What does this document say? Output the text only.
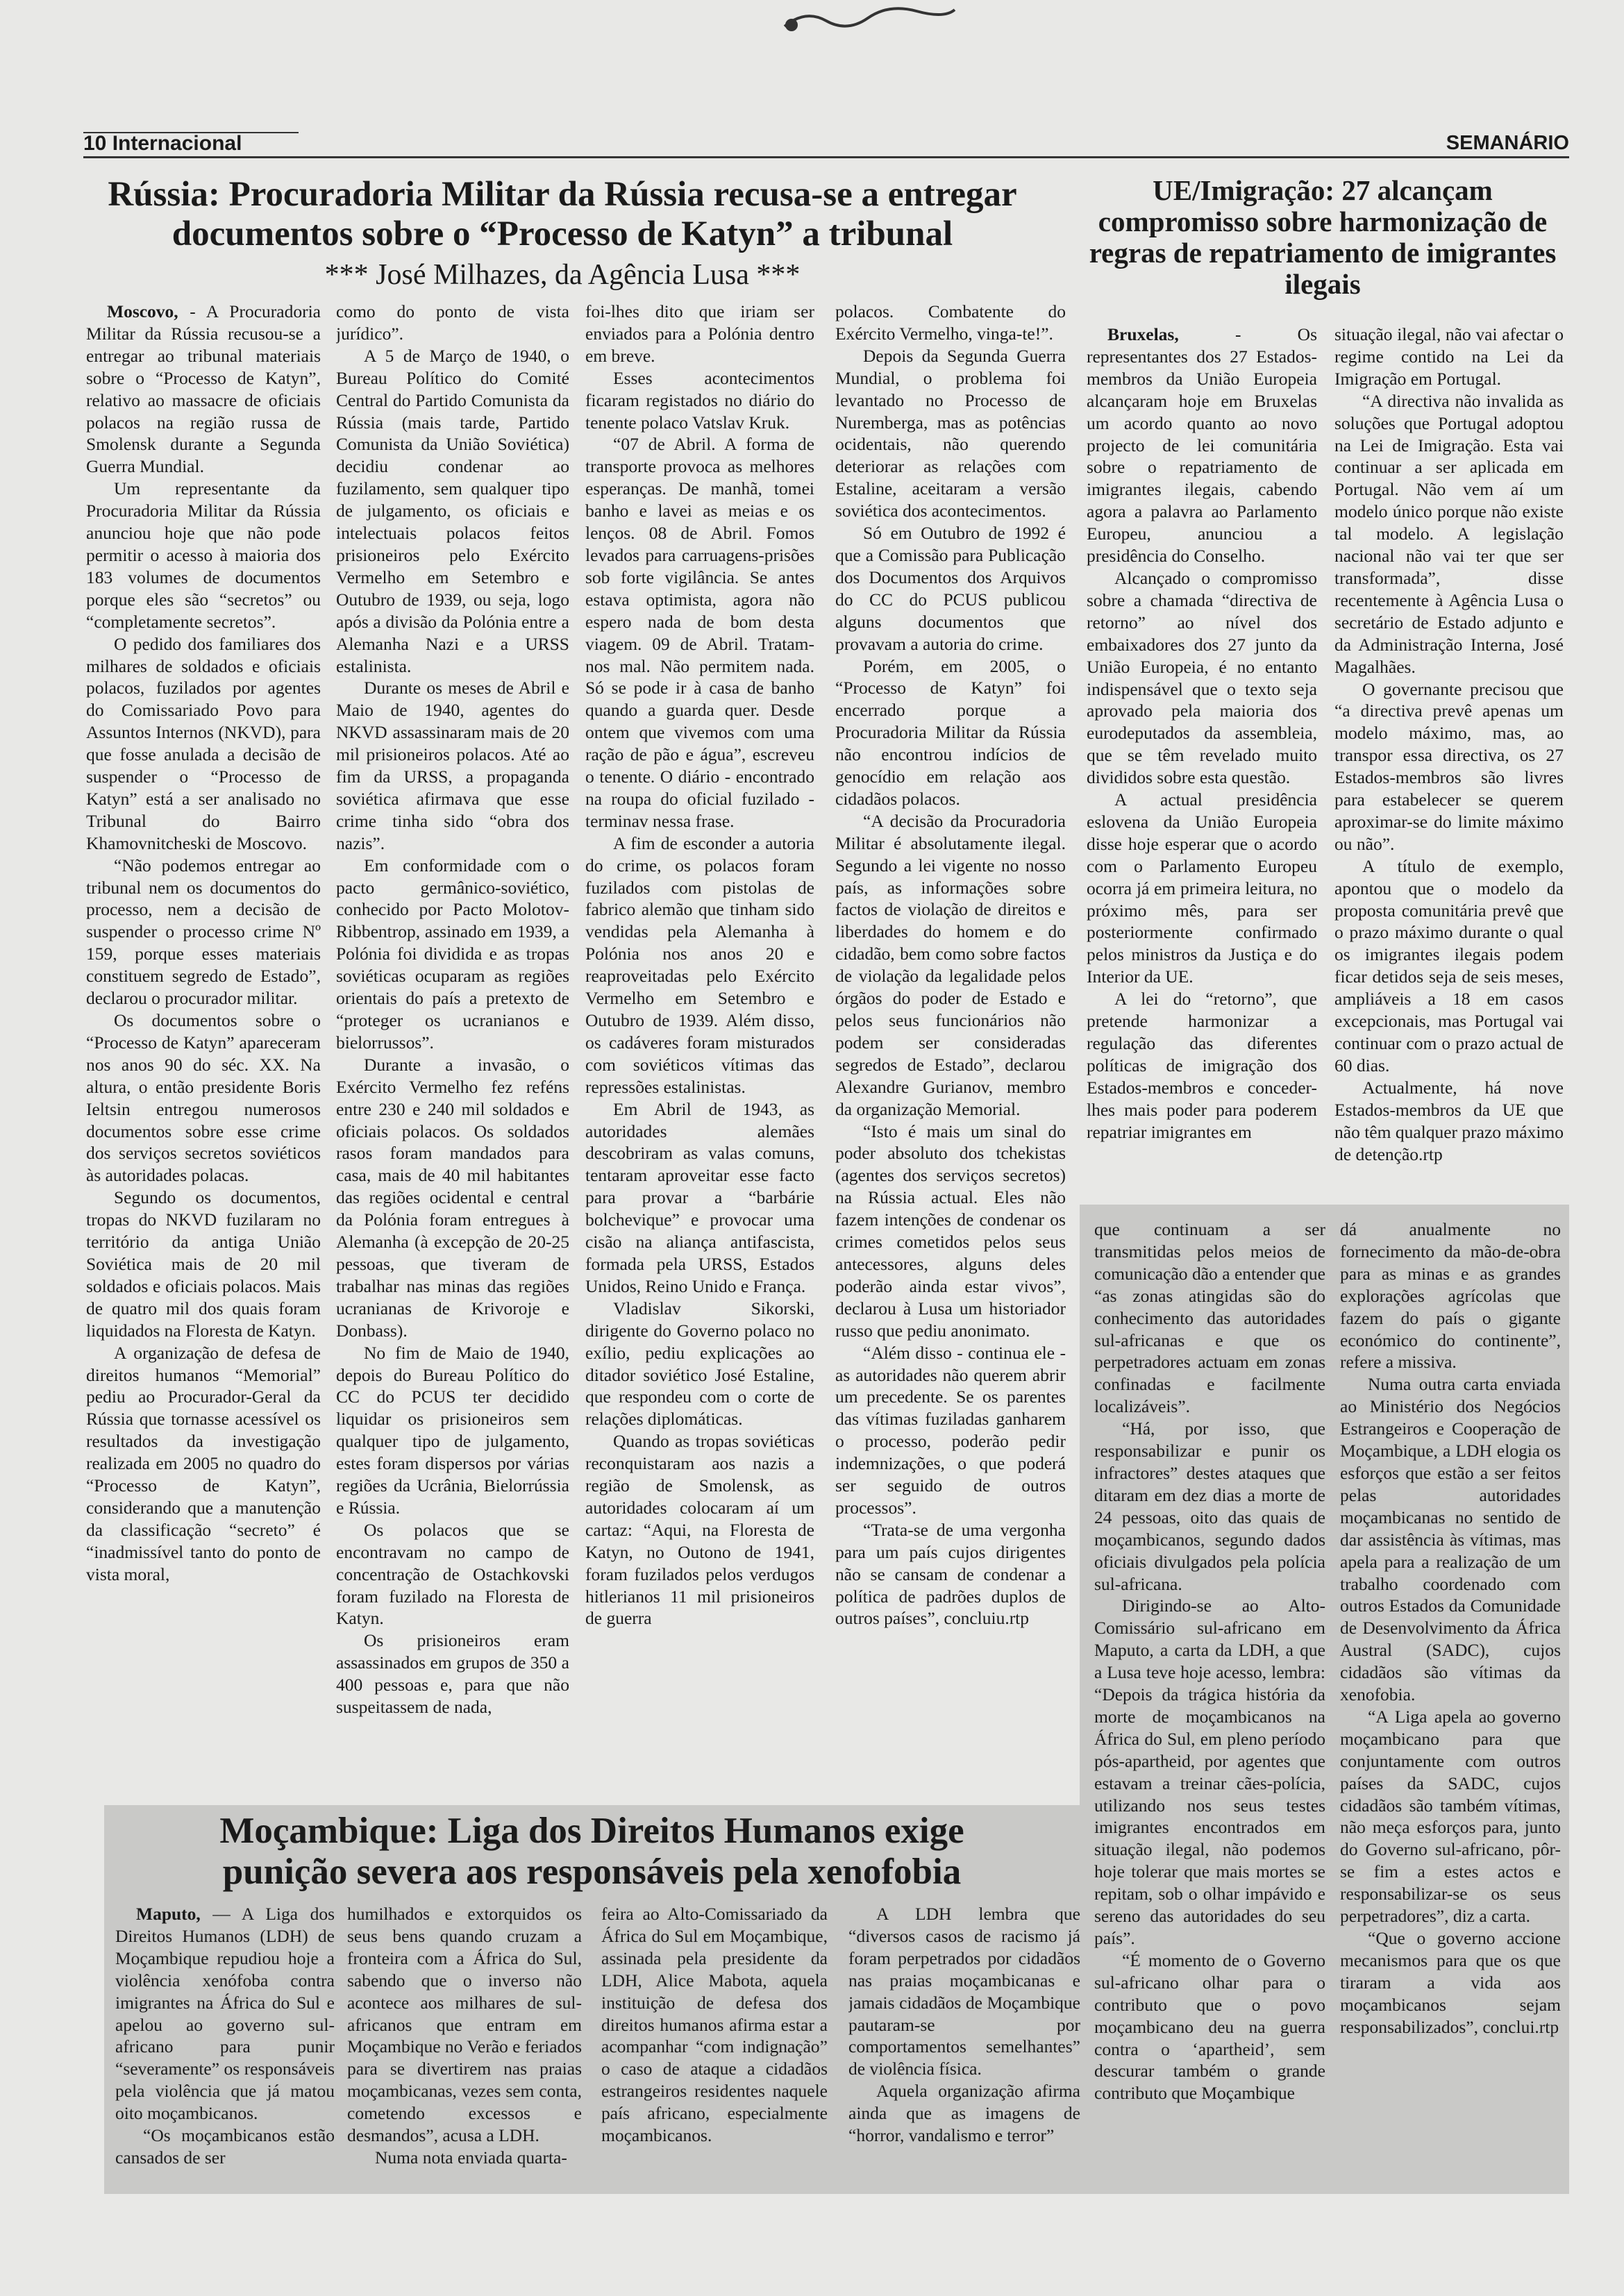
10 Internacional	SEMANÁRIO
Rússia: Procuradoria Militar da Rússia recusa-se a entregar documentos sobre o “Processo de Katyn” a tribunal
*** José Milhazes, da Agência Lusa ***

Moscovo, - A Procuradoria Militar da Rússia recusou-se a entregar ao tribunal materiais sobre o “Processo de Katyn”, relativo ao massacre de oficiais polacos na região russa de Smolensk durante a Segunda Guerra Mundial.

Um representante da Procuradoria Militar da Rússia anunciou hoje que não pode permitir o acesso à maioria dos 183 volumes de documentos porque eles são “secretos” ou “completamente secretos”.

O pedido dos familiares dos milhares de soldados e oficiais polacos, fuzilados por agentes do Comissariado Povo para Assuntos Internos (NKVD), para que fosse anulada a decisão de suspender o “Processo de Katyn” está a ser analisado no Tribunal do Bairro Khamovnitcheski de Moscovo.

“Não podemos entregar ao tribunal nem os documentos do processo, nem a decisão de suspender o processo crime Nº 159, porque esses materiais constituem segredo de Estado”, declarou o procurador militar.

Os documentos sobre o “Processo de Katyn” apareceram nos anos 90 do séc. XX. Na altura, o então presidente Boris Ieltsin entregou numerosos documentos sobre esse crime dos serviços secretos soviéticos às autoridades polacas.

Segundo os documentos, tropas do NKVD fuzilaram no território da antiga União Soviética mais de 20 mil soldados e oficiais polacos. Mais de quatro mil dos quais foram liquidados na Floresta de Katyn.

A organização de defesa de direitos humanos “Memorial” pediu ao Procurador-Geral da Rússia que tornasse acessível os resultados da investigação realizada em 2005 no quadro do “Processo de Katyn”, considerando que a manutenção da classificação “secreto” é “inadmissível tanto do ponto de vista moral,

como do ponto de vista jurídico”.

A 5 de Março de 1940, o Bureau Político do Comité Central do Partido Comunista da Rússia (mais tarde, Partido Comunista da União Soviética) decidiu condenar ao fuzilamento, sem qualquer tipo de julgamento, os oficiais e intelectuais polacos feitos prisioneiros pelo Exército Vermelho em Setembro e Outubro de 1939, ou seja, logo após a divisão da Polónia entre a Alemanha Nazi e a URSS estalinista.

Durante os meses de Abril e Maio de 1940, agentes do NKVD assassinaram mais de 20 mil prisioneiros polacos. Até ao fim da URSS, a propaganda soviética afirmava que esse crime tinha sido “obra dos nazis”.

Em conformidade com o pacto germânico-soviético, conhecido por Pacto Molotov-Ribbentrop, assinado em 1939, a Polónia foi dividida e as tropas soviéticas ocuparam as regiões orientais do país a pretexto de “proteger os ucranianos e bielorrussos”.

Durante a invasão, o Exército Vermelho fez reféns entre 230 e 240 mil soldados e oficiais polacos. Os soldados rasos foram mandados para casa, mais de 40 mil habitantes das regiões ocidental e central da Polónia foram entregues à Alemanha (à excepção de 20-25 pessoas, que tiveram de trabalhar nas minas das regiões ucranianas de Krivoroje e Donbass).

No fim de Maio de 1940, depois do Bureau Político do CC do PCUS ter decidido liquidar os prisioneiros sem qualquer tipo de julgamento, estes foram dispersos por várias regiões da Ucrânia, Bielorrússia e Rússia.

Os polacos que se encontravam no campo de concentração de Ostachkovski foram fuzilado na Floresta de Katyn.

Os prisioneiros eram assassinados em grupos de 350 a 400 pessoas e, para que não suspeitassem de nada,

foi-lhes dito que iriam ser enviados para a Polónia dentro em breve.

Esses acontecimentos ficaram registados no diário do tenente polaco Vatslav Kruk.

“07 de Abril. A forma de transporte provoca as melhores esperanças. De manhã, tomei banho e lavei as meias e os lenços. 08 de Abril. Fomos levados para carruagens-prisões sob forte vigilância. Se antes estava optimista, agora não espero nada de bom desta viagem. 09 de Abril. Tratam-nos mal. Não permitem nada. Só se pode ir à casa de banho quando a guarda quer. Desde ontem que vivemos com uma ração de pão e água”, escreveu o tenente. O diário - encontrado na roupa do oficial fuzilado - terminav nessa frase.

A fim de esconder a autoria do crime, os polacos foram fuzilados com pistolas de fabrico alemão que tinham sido vendidas pela Alemanha à Polónia nos anos 20 e reaproveitadas pelo Exército Vermelho em Setembro e Outubro de 1939. Além disso, os cadáveres foram misturados com soviéticos vítimas das repressões estalinistas.

Em Abril de 1943, as autoridades alemães descobriram as valas comuns, tentaram aproveitar esse facto para provar a “barbárie bolchevique” e provocar uma cisão na aliança antifascista, formada pela URSS, Estados Unidos, Reino Unido e França.

Vladislav Sikorski, dirigente do Governo polaco no exílio, pediu explicações ao ditador soviético José Estaline, que respondeu com o corte de relações diplomáticas.

Quando as tropas soviéticas reconquistaram aos nazis a região de Smolensk, as autoridades colocaram aí um cartaz: “Aqui, na Floresta de Katyn, no Outono de 1941, foram fuzilados pelos verdugos hitlerianos 11 mil prisioneiros de guerra

polacos. Combatente do Exército Vermelho, vinga-te!”.

Depois da Segunda Guerra Mundial, o problema foi levantado no Processo de Nuremberga, mas as potências ocidentais, não querendo deteriorar as relações com Estaline, aceitaram a versão soviética dos acontecimentos.

Só em Outubro de 1992 é que a Comissão para Publicação dos Documentos dos Arquivos do CC do PCUS publicou alguns documentos que provavam a autoria do crime.

Porém, em 2005, o “Processo de Katyn” foi encerrado porque a Procuradoria Militar da Rússia não encontrou indícios de genocídio em relação aos cidadãos polacos.

“A decisão da Procuradoria Militar é absolutamente ilegal. Segundo a lei vigente no nosso país, as informações sobre factos de violação de direitos e liberdades do homem e do cidadão, bem como sobre factos de violação da legalidade pelos órgãos do poder de Estado e pelos seus funcionários não podem ser consideradas segredos de Estado”, declarou Alexandre Gurianov, membro da organização Memorial.

“Isto é mais um sinal do poder absoluto dos tchekistas (agentes dos serviços secretos) na Rússia actual. Eles não fazem intenções de condenar os crimes cometidos pelos seus antecessores, alguns deles poderão ainda estar vivos”, declarou à Lusa um historiador russo que pediu anonimato.

“Além disso - continua ele - as autoridades não querem abrir um precedente. Se os parentes das vítimas fuziladas ganharem o processo, poderão pedir indemnizações, o que poderá ser seguido de outros processos”.

“Trata-se de uma vergonha para um país cujos dirigentes não se cansam de condenar a política de padrões duplos de outros países”, concluiu.rtp

UE/Imigração: 27 alcançam compromisso sobre harmonização de regras de repatriamento de imigrantes ilegais

Bruxelas, - Os representantes dos 27 Estados-membros da União Europeia alcançaram hoje em Bruxelas um acordo quanto ao novo projecto de lei comunitária sobre o repatriamento de imigrantes ilegais, cabendo agora a palavra ao Parlamento Europeu, anunciou a presidência do Conselho.

Alcançado o compromisso sobre a chamada “directiva de retorno” ao nível dos embaixadores dos 27 junto da União Europeia, é no entanto indispensável que o texto seja aprovado pela maioria dos eurodeputados da assembleia, que se têm revelado muito divididos sobre esta questão.

A actual presidência eslovena da União Europeia disse hoje esperar que o acordo com o Parlamento Europeu ocorra já em primeira leitura, no próximo mês, para ser posteriormente confirmado pelos ministros da Justiça e do Interior da UE.

A lei do “retorno”, que pretende harmonizar a regulação das diferentes políticas de imigração dos Estados-membros e conceder-lhes mais poder para poderem repatriar imigrantes em

situação ilegal, não vai afectar o regime contido na Lei da Imigração em Portugal.

“A directiva não invalida as soluções que Portugal adoptou na Lei de Imigração. Esta vai continuar a ser aplicada em Portugal. Não vem aí um modelo único porque não existe tal modelo. A legislação nacional não vai ter que ser transformada”, disse recentemente à Agência Lusa o secretário de Estado adjunto e da Administração Interna, José Magalhães.

O governante precisou que “a directiva prevê apenas um modelo máximo, mas, ao transpor essa directiva, os 27 Estados-membros são livres para estabelecer se querem aproximar-se do limite máximo ou não”.

A título de exemplo, apontou que o modelo da proposta comunitária prevê que o prazo máximo durante o qual os imigrantes ilegais podem ficar detidos seja de seis meses, ampliáveis a 18 em casos excepcionais, mas Portugal vai continuar com o prazo actual de 60 dias.

Actualmente, há nove Estados-membros da UE que não têm qualquer prazo máximo de detenção.rtp

Moçambique: Liga dos Direitos Humanos exige punição severa aos responsáveis pela xenofobia

Maputo, — A Liga dos Direitos Humanos (LDH) de Moçambique repudiou hoje a violência xenófoba contra imigrantes na África do Sul e apelou ao governo sul-africano para punir “severamente” os responsáveis pela violência que já matou oito moçambicanos.

“Os moçambicanos estão cansados de ser

humilhados e extorquidos os seus bens quando cruzam a fronteira com a África do Sul, sabendo que o inverso não acontece aos milhares de sul-africanos que entram em Moçambique no Verão e feriados para se divertirem nas praias moçambicanas, vezes sem conta, cometendo excessos e desmandos”, acusa a LDH.

Numa nota enviada quarta-

feira ao Alto-Comissariado da África do Sul em Moçambique, assinada pela presidente da LDH, Alice Mabota, aquela instituição de defesa dos direitos humanos afirma estar a acompanhar “com indignação” o caso de ataque a cidadãos estrangeiros residentes naquele país africano, especialmente moçambicanos.

A LDH lembra que “diversos casos de racismo já foram perpetrados por cidadãos nas praias moçambicanas e jamais cidadãos de Moçambique pautaram-se por comportamentos semelhantes” de violência física.

Aquela organização afirma ainda que as imagens de “horror, vandalismo e terror”

que continuam a ser transmitidas pelos meios de comunicação dão a entender que “as zonas atingidas são do conhecimento das autoridades sul-africanas e que os perpetradores actuam em zonas confinadas e facilmente localizáveis”.

“Há, por isso, que responsabilizar e punir os infractores” destes ataques que ditaram em dez dias a morte de 24 pessoas, oito das quais de moçambicanos, segundo dados oficiais divulgados pela polícia sul-africana.

Dirigindo-se ao Alto-Comissário sul-africano em Maputo, a carta da LDH, a que a Lusa teve hoje acesso, lembra: “Depois da trágica história da morte de moçambicanos na África do Sul, em pleno período pós-apartheid, por agentes que estavam a treinar cães-polícia, utilizando nos seus testes imigrantes encontrados em situação ilegal, não podemos hoje tolerar que mais mortes se repitam, sob o olhar impávido e sereno das autoridades do seu país”.

“É momento de o Governo sul-africano olhar para o contributo que o povo moçambicano deu na guerra contra o ‘apartheid’, sem descurar também o grande contributo que Moçambique

dá anualmente no fornecimento da mão-de-obra para as minas e as grandes explorações agrícolas que fazem do país o gigante económico do continente”, refere a missiva.

Numa outra carta enviada ao Ministério dos Negócios Estrangeiros e Cooperação de Moçambique, a LDH elogia os esforços que estão a ser feitos pelas autoridades moçambicanas no sentido de dar assistência às vítimas, mas apela para a realização de um trabalho coordenado com outros Estados da Comunidade de Desenvolvimento da África Austral (SADC), cujos cidadãos são vítimas da xenofobia.

“A Liga apela ao governo moçambicano para que conjuntamente com outros países da SADC, cujos cidadãos são também vítimas, não meça esforços para, junto do Governo sul-africano, pôr-se fim a estes actos e responsabilizar-se os seus perpetradores”, diz a carta.

“Que o governo accione mecanismos para que os que tiraram a vida aos moçambicanos sejam responsabilizados”, conclui.rtp
